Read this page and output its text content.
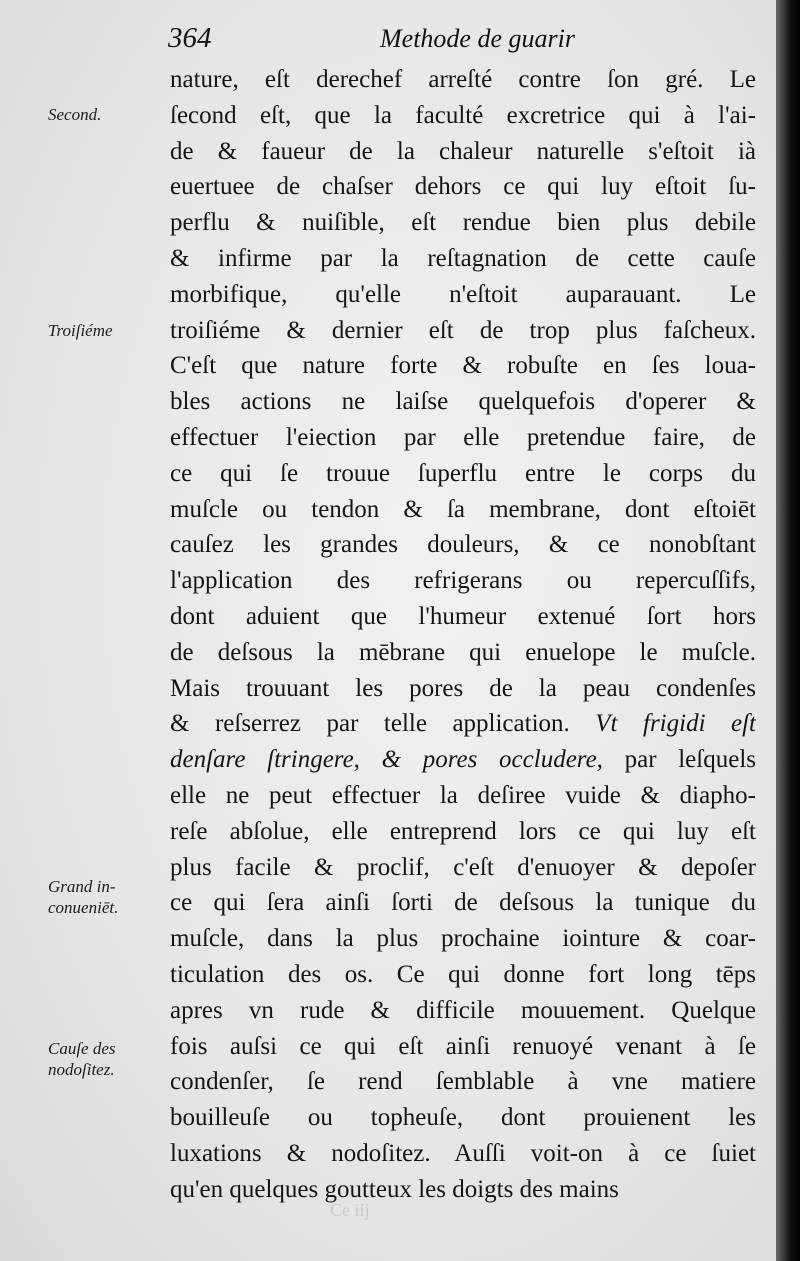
364	Methode de guarir
Second.
Troiſiéme
Grand in-
conueniēt.
Cauſe des
nodoſitez.
nature, eſt derechef arreſté contre ſon gré. Le
ſecond eſt, que la faculté excretrice qui à l'ai-
de & faueur de la chaleur naturelle s'eſtoit ià
euertuee de chaſser dehors ce qui luy eſtoit ſu-
perflu & nuiſible, eſt rendue bien plus debile
& infirme par la reſtagnation de cette cauſe
morbifique, qu'elle n'eſtoit auparauant. Le
troiſiéme & dernier eſt de trop plus faſcheux.
C'eſt que nature forte & robuſte en ſes loua-
bles actions ne laiſse quelquefois d'operer &
effectuer l'eiection par elle pretendue faire, de
ce qui ſe trouue ſuperflu entre le corps du
muſcle ou tendon & ſa membrane, dont eſtoiēt
cauſez les grandes douleurs, & ce nonobſtant
l'application des refrigerans ou repercuſſifs,
dont aduient que l'humeur extenué ſort hors
de deſsous la mēbrane qui enuelope le muſcle.
Mais trouuant les pores de la peau condenſes
& reſserrez par telle application. Vt frigidi eſt
denſare ſtringere, & pores occludere, par leſquels
elle ne peut effectuer la deſiree vuide & diapho-
reſe abſolue, elle entreprend lors ce qui luy eſt
plus facile & proclif, c'eſt d'enuoyer & depoſer
ce qui ſera ainſi ſorti de deſsous la tunique du
muſcle, dans la plus prochaine iointure & coar-
ticulation des os. Ce qui donne fort long tēps
apres vn rude & difficile mouuement. Quelque
fois auſsi ce qui eſt ainſi renuoyé venant à ſe
condenſer, ſe rend ſemblable à vne matiere
bouilleuſe ou topheuſe, dont prouienent les
luxations & nodoſitez. Auſſi voit-on à ce ſuiet
qu'en quelques goutteux les doigts des mains
Ce iij
